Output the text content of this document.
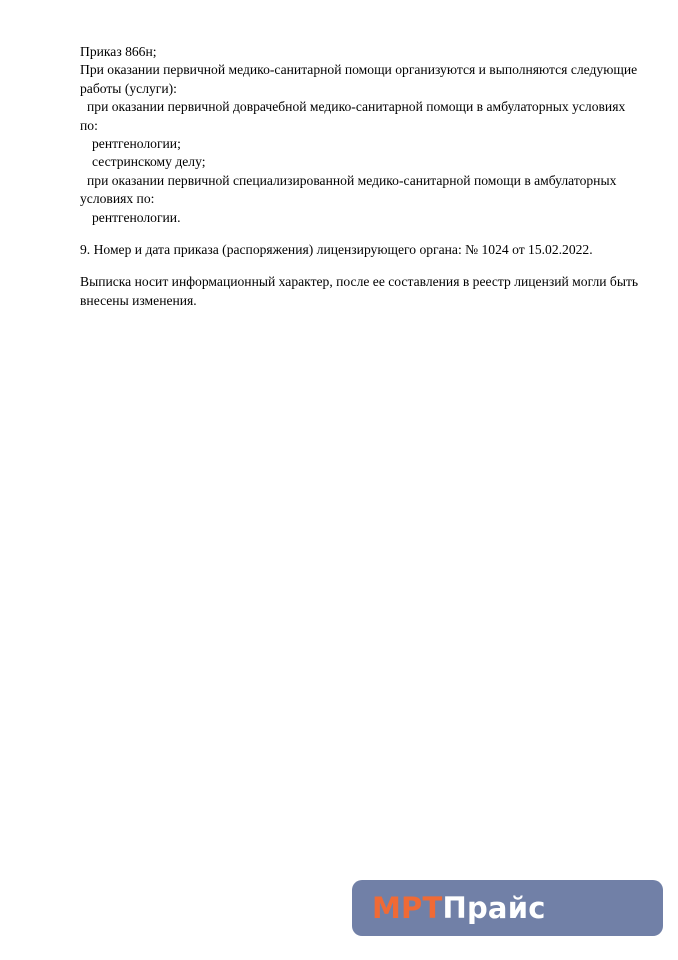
Приказ 866н;
При оказании первичной медико-санитарной помощи организуются и выполняются следующие
работы (услуги):
при оказании первичной доврачебной медико-санитарной помощи в амбулаторных условиях
по:
рентгенологии;
сестринскому делу;
при оказании первичной специализированной медико-санитарной помощи в амбулаторных
условиях по:
рентгенологии.
9. Номер и дата приказа (распоряжения) лицензирующего органа: № 1024 от 15.02.2022.
Выписка носит информационный характер, после ее составления в реестр лицензий могли быть
внесены изменения.
МРТ Прайс
